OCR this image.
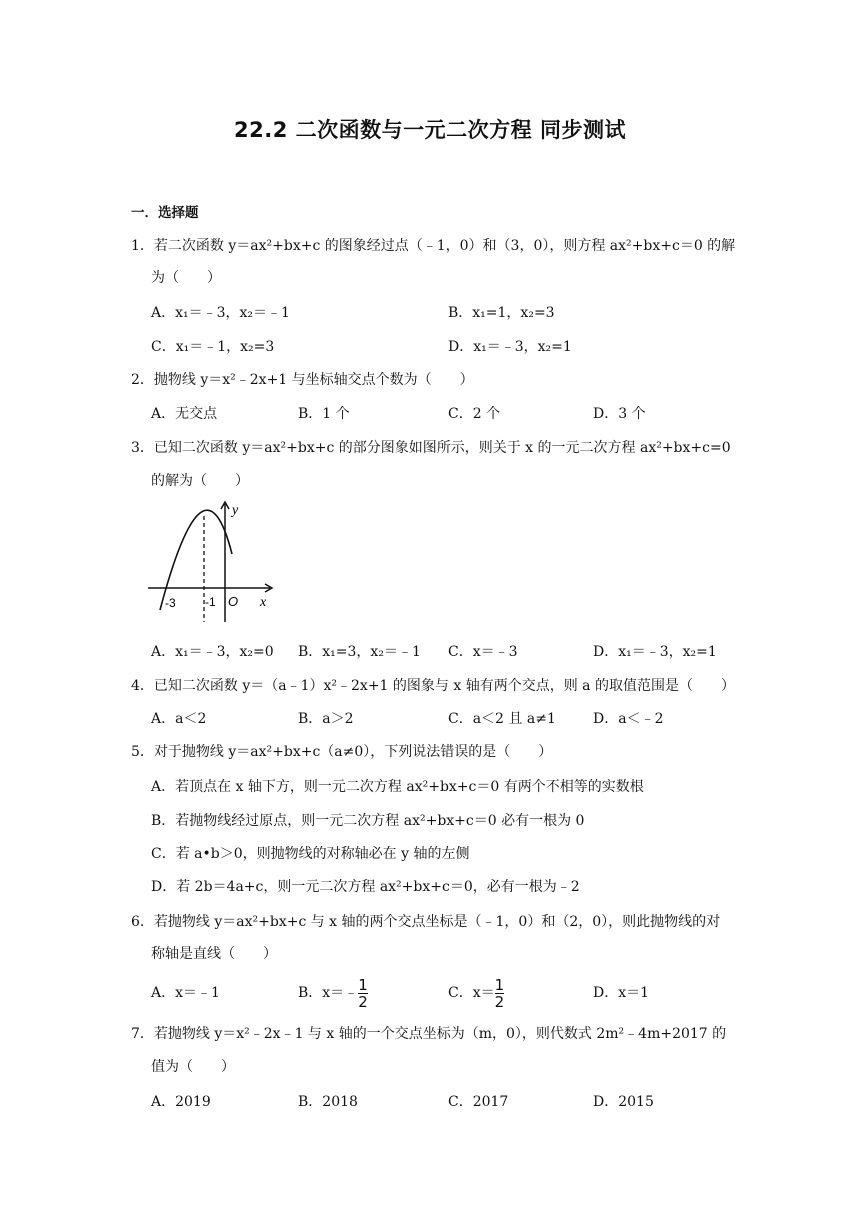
22.2 二次函数与一元二次方程 同步测试
一．选择题
1．若二次函数 y＝ax²+bx+c 的图象经过点（﹣1，0）和（3，0），则方程 ax²+bx+c＝0 的解
为（　　）
A．x₁＝﹣3，x₂＝﹣1	B．x₁=1，x₂=3
C．x₁＝﹣1，x₂=3	D．x₁＝﹣3，x₂=1
2．抛物线 y＝x²﹣2x+1 与坐标轴交点个数为（　　）
A．无交点	B．1 个	C．2 个	D．3 个
3．已知二次函数 y＝ax²+bx+c 的部分图象如图所示，则关于 x 的一元二次方程 ax²+bx+c=0
的解为（　　）
y
x
O
-3 -1
A．x₁＝﹣3，x₂=0 B．x₁=3，x₂＝﹣1 C．x＝﹣3	D．x₁＝﹣3，x₂=1
4．已知二次函数 y＝（a﹣1）x²﹣2x+1 的图象与 x 轴有两个交点，则 a 的取值范围是（　　）
A．a＜2	B．a＞2	C．a＜2 且 a≠1	D．a＜﹣2
5．对于抛物线 y＝ax²+bx+c（a≠0），下列说法错误的是（　　）
A．若顶点在 x 轴下方，则一元二次方程 ax²+bx+c＝0 有两个不相等的实数根
B．若抛物线经过原点，则一元二次方程 ax²+bx+c＝0 必有一根为 0
C．若 a•b＞0，则抛物线的对称轴必在 y 轴的左侧
D．若 2b＝4a+c，则一元二次方程 ax²+bx+c＝0，必有一根为﹣2
6．若抛物线 y＝ax²+bx+c 与 x 轴的两个交点坐标是（﹣1，0）和（2，0），则此抛物线的对
称轴是直线（　　）
A．x＝﹣1	B．x＝﹣ $\frac{1}{2}$	C．$x= \frac{1}{2}$	D．x＝1
7．若抛物线 y＝x²﹣2x﹣1 与 x 轴的一个交点坐标为（m，0），则代数式 2m²﹣4m+2017 的
值为（　　）
A．2019	B．2018	C．2017	D．2015
